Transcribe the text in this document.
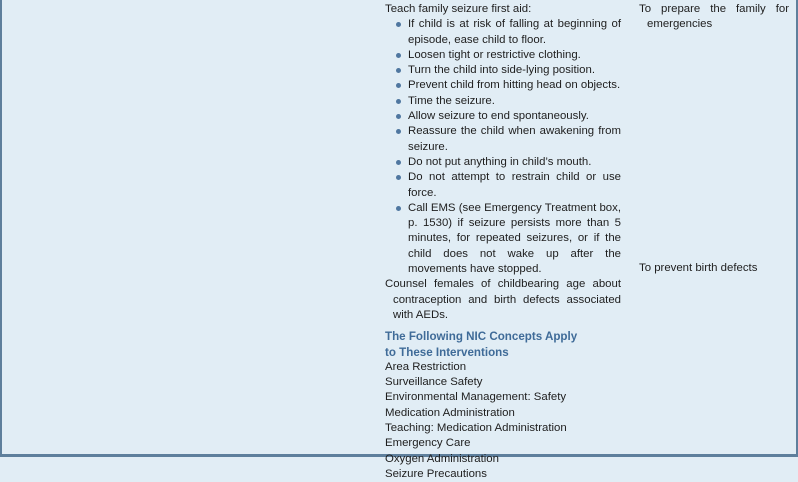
Teach family seizure first aid:
If child is at risk of falling at beginning of episode, ease child to floor.
Loosen tight or restrictive clothing.
Turn the child into side-lying position.
Prevent child from hitting head on objects.
Time the seizure.
Allow seizure to end spontaneously.
Reassure the child when awakening from seizure.
Do not put anything in child’s mouth.
Do not attempt to restrain child or use force.
Call EMS (see Emergency Treatment box, p. 1530) if seizure persists more than 5 minutes, for repeated seizures, or if the child does not wake up after the movements have stopped.
Counsel females of childbearing age about contraception and birth defects associated with AEDs.
The Following NIC Concepts Apply
to These Interventions
Area Restriction
Surveillance Safety
Environmental Management: Safety
Medication Administration
Teaching: Medication Administration
Emergency Care
Oxygen Administration
Seizure Precautions
To prepare the family for emergencies
To prevent birth defects
